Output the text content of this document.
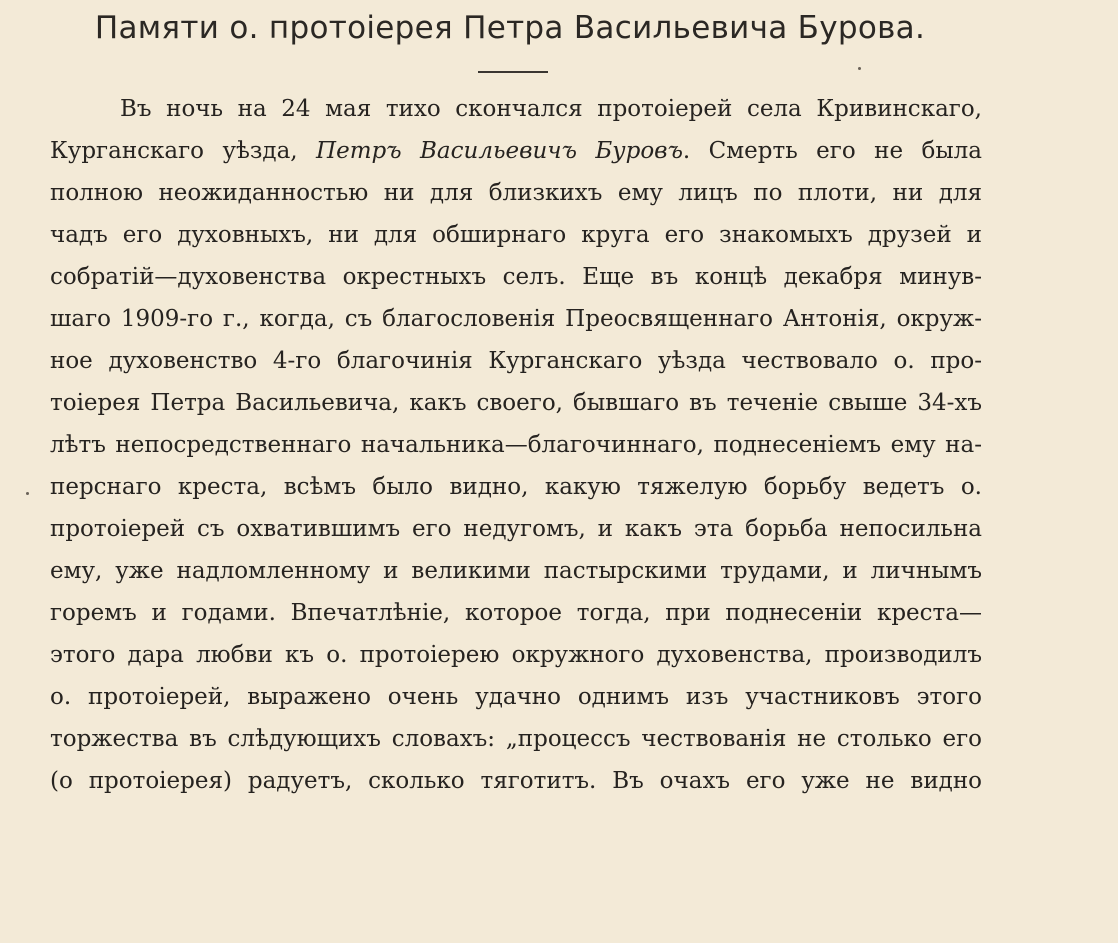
Памяти о. протоіерея Петра Васильевича Бурова.
Въ ночь на 24 мая тихо скончался протоіерей села Кривинскаго,
Курганскаго уѣзда, Петръ Васильевичъ Буровъ. Смерть его не была
полною неожиданностью ни для близкихъ ему лицъ по плоти, ни для
чадъ его духовныхъ, ни для обширнаго круга его знакомыхъ друзей и
собратій—духовенства окрестныхъ селъ. Еще въ концѣ декабря минув-
шаго 1909-го г., когда, съ благословенія Преосвященнаго Антонія, окруж-
ное духовенство 4-го благочинія Курганскаго уѣзда чествовало о. про-
тоіерея Петра Васильевича, какъ своего, бывшаго въ теченіе свыше 34-хъ
лѣтъ непосредственнаго начальника—благочиннаго, поднесеніемъ ему на-
перснаго креста, всѣмъ было видно, какую тяжелую борьбу ведетъ о.
протоіерей съ охватившимъ его недугомъ, и какъ эта борьба непосильна
ему, уже надломленному и великими пастырскими трудами, и личнымъ
горемъ и годами. Впечатлѣніе, которое тогда, при поднесеніи креста—
этого дара любви къ о. протоіерею окружного духовенства, производилъ
о. протоіерей, выражено очень удачно однимъ изъ участниковъ этого
торжества въ слѣдующихъ словахъ: „процессъ чествованія не столько его
(о протоіерея) радуетъ, сколько тяготитъ. Въ очахъ его уже не видно
